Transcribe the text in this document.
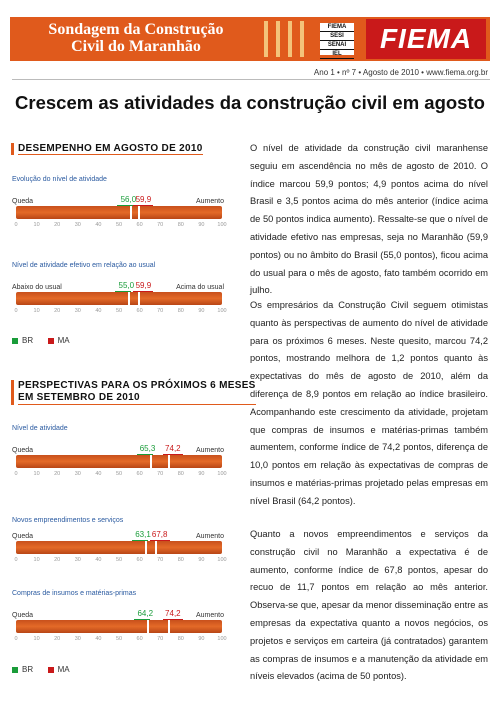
Sondagem da Construção
Civil do Maranhão
FIEMA
SESI
SENAI
IEL	FIEMA
Ano 1 • nº 7 • Agosto de 2010 • www.fiema.org.br
Crescem as atividades da construção civil em agosto
DESEMPENHO EM AGOSTO DE 2010
Evolução do nível de atividade
Queda	Aumento
56,0 59,9
0	10	20	30	40	50	60	70	80	90 100
Nível de atividade efetivo em relação ao usual
Abaixo do usual	Acima do usual
55,0 59,9
0	10	20	30	40	50	60	70	80	90 100
BR	MA
PERSPECTIVAS PARA OS PRÓXIMOS 6 MESES
EM SETEMBRO DE 2010
Nível de atividade
Queda	Aumento
65,3 74,2
0	10	20	30	40	50	60	70	80	90 100
Novos empreendimentos e serviços
Queda	Aumento
63,1 67,8
0	10	20	30	40	50	60	70	80	90 100
Compras de insumos e matérias-primas
Queda	Aumento
64,2 74,2
0	10	20	30	40	50	60	70	80	90 100
BR	MA
O nível de atividade da construção civil maranhense seguiu em ascendência no mês de agosto de 2010. O índice marcou 59,9 pontos; 4,9 pontos acima do nível Brasil e 3,5 pontos acima do mês anterior (índice acima de 50 pontos indica aumento). Ressalte-se que o nível de atividade efetivo nas empresas, seja no Maranhão (59,9 pontos) ou no âmbito do Brasil (55,0 pontos), ficou acima do usual para o mês de agosto, fato também ocorrido em julho.
Os empresários da Construção Civil seguem otimistas quanto às perspectivas de aumento do nível de atividade para os próximos 6 meses. Neste quesito, marcou 74,2 pontos, mostrando melhora de 1,2 pontos quanto às expectativas do mês de agosto de 2010, além da diferença de 8,9 pontos em relação ao índice brasileiro. Acompanhando este crescimento da atividade, projetam que compras de insumos e matérias-primas também aumentem, conforme índice de 74,2 pontos, diferença de 10,0 pontos em relação às expectativas de compras de insumos e matérias-primas projetado pelas empresas em nível Brasil (64,2 pontos).
Quanto a novos empreendimentos e serviços da construção civil no Maranhão a expectativa é de aumento, conforme índice de 67,8 pontos, apesar do recuo de 11,7 pontos em relação ao mês anterior. Observa-se que, apesar da menor disseminação entre as empresas da expectativa quanto a novos negócios, os projetos e serviços em carteira (já contratados) garantem as compras de insumos e a manutenção da atividade em níveis elevados (acima de 50 pontos).
